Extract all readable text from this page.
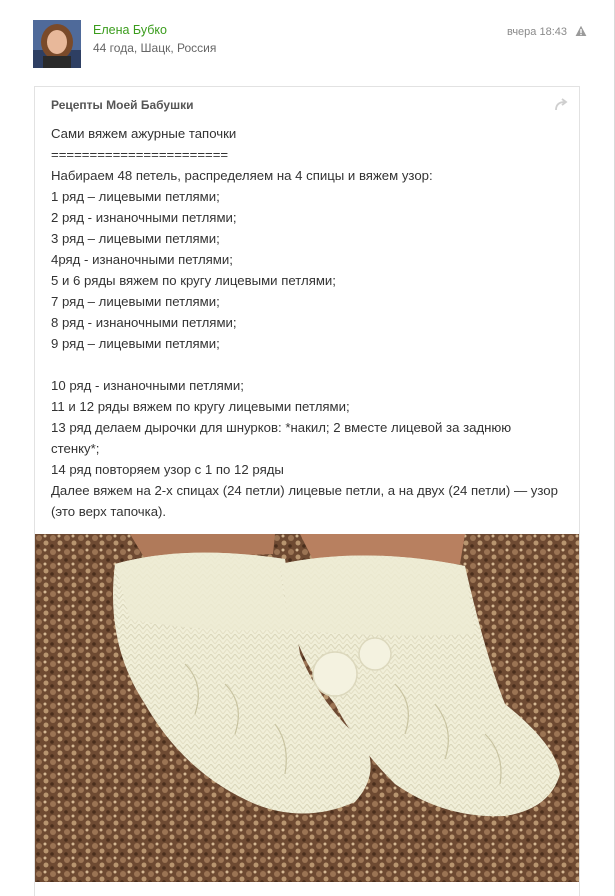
Елена Бубко
44 года, Шацк, Россия
вчера 18:43
Рецепты Моей Бабушки
Сами вяжем ажурные тапочки
=======================
Набираем 48 петель, распределяем на 4 спицы и вяжем узор:
1 ряд – лицевыми петлями;
2 ряд - изнаночными петлями;
3 ряд – лицевыми петлями;
4ряд - изнаночными петлями;
5 и 6 ряды вяжем по кругу лицевыми петлями;
7 ряд – лицевыми петлями;
8 ряд - изнаночными петлями;
9 ряд – лицевыми петлями;
10 ряд - изнаночными петлями;
11 и 12 ряды вяжем по кругу лицевыми петлями;
13 ряд делаем дырочки для шнурков: *накил; 2 вместе лицевой за заднюю стенку*;
14 ряд повторяем узор с 1 по 12 ряды
Далее вяжем на 2-х спицах (24 петли) лицевые петли, а на двух (24 петли) — узор (это верх тапочка).
